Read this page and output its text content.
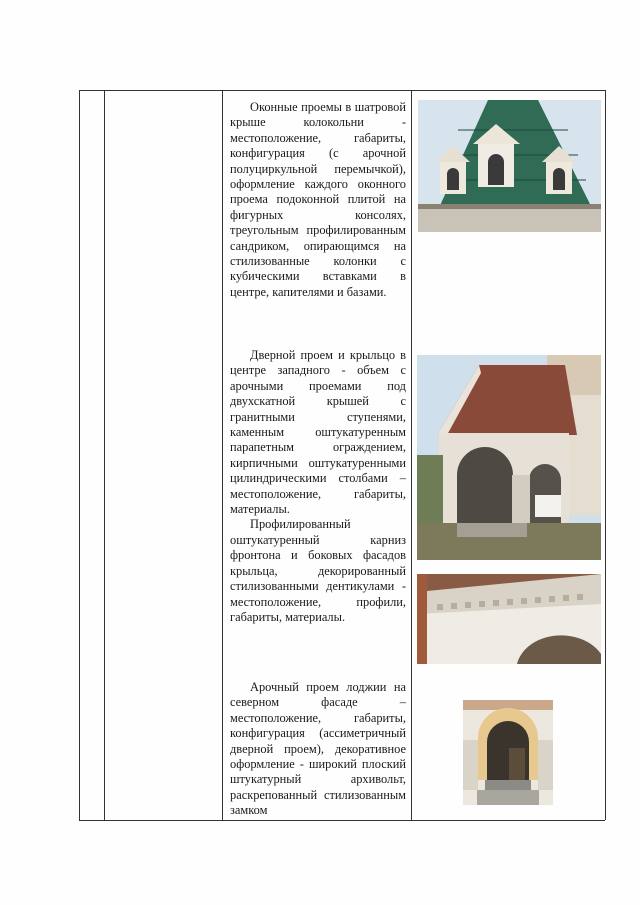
Оконные проемы в шатровой крыше колокольни - местоположение, габариты, конфигурация (с арочной полуциркульной перемычкой), оформление каждого оконного проема подоконной плитой на фигурных консолях, треугольным профилированным сандриком, опирающимся на стилизованные колонки с кубическими вставками в центре, капителями и базами.

Дверной проем и крыльцо в центре западного - объем с арочными проемами под двухскатной крышей с гранитными ступенями, каменным оштукатуренным парапетным ограждением, кирпичными оштукатуренными цилиндрическими столбами – местоположение, габариты, материалы.

Профилированный оштукатуренный карниз фронтона и боковых фасадов крыльца, декорированный стилизованными дентикулами - местоположение, профили, габариты, материалы.

Арочный проем лоджии на северном фасаде – местоположение, габариты, конфигурация (ассиметричный дверной проем), декоративное оформление - широкий плоский штукатурный архивольт, раскрепованный стилизованным замком
